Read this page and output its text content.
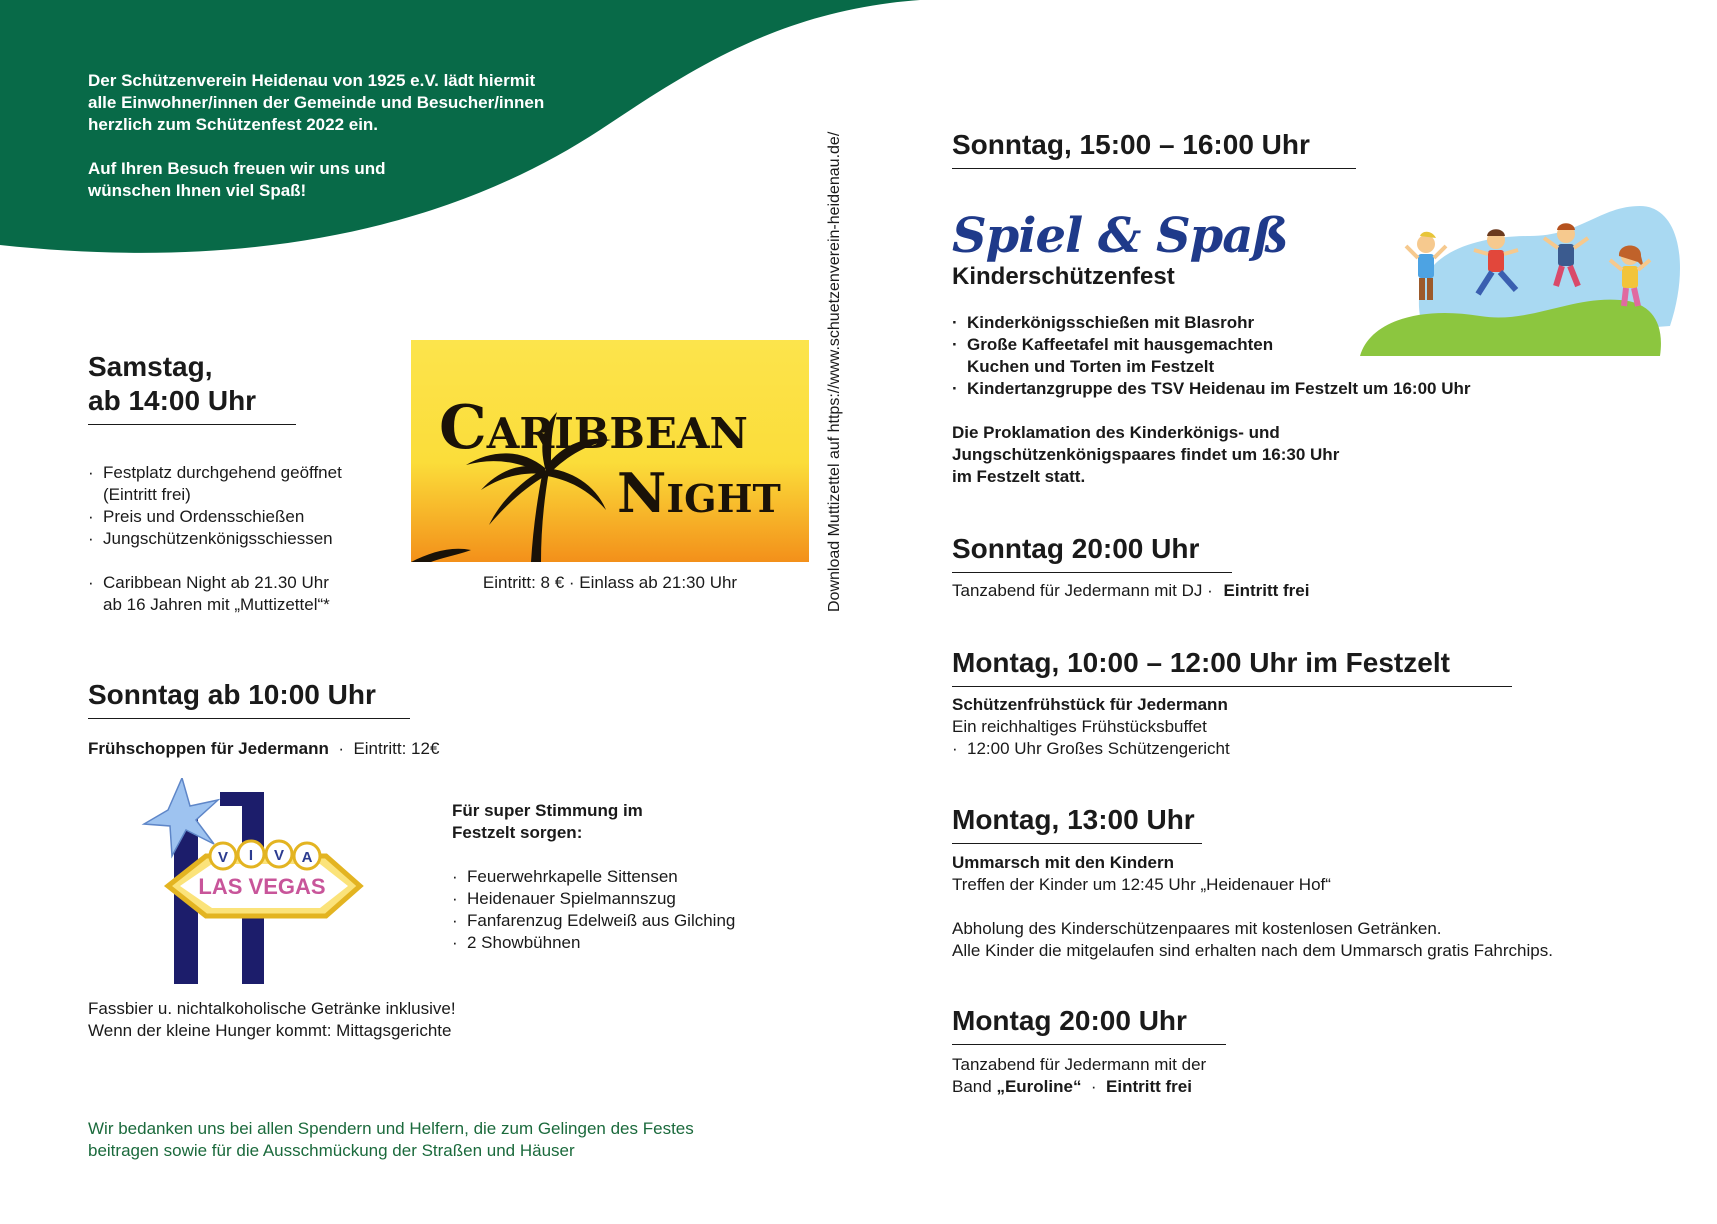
Der Schützenverein Heidenau von 1925 e.V. lädt hiermit
alle Einwohner/innen der Gemeinde und Besucher/innen
herzlich zum Schützenfest 2022 ein.

Auf Ihren Besuch freuen wir uns und
wünschen Ihnen viel Spaß!

Samstag,
ab 14:00 Uhr
· Festplatz durchgehend geöffnet
(Eintritt frei)
· Preis und Ordensschießen
· Jungschützenkönigsschiessen
· Caribbean Night ab 21.30 Uhr
ab 16 Jahren mit „Muttizettel“*
Caribbean
Night
Eintritt: 8 € · Einlass ab 21:30 Uhr	Download Muttizettel auf https://www.schuetzenverein-heidenau.de/
Sonntag ab 10:00 Uhr
Frühschoppen für Jedermann  ·  Eintritt: 12€
V I V A
LAS VEGAS
Für super Stimmung im
Festzelt sorgen:
· Feuerwehrkapelle Sittensen
· Heidenauer Spielmannszug
· Fanfarenzug Edelweiß aus Gilching
· 2 Showbühnen
Fassbier u. nichtalkoholische Getränke inklusive!
Wenn der kleine Hunger kommt: Mittagsgerichte
Wir bedanken uns bei allen Spendern und Helfern, die zum Gelingen des Festes
beitragen sowie für die Ausschmückung der Straßen und Häuser
Sonntag, 15:00 – 16:00 Uhr
Spiel & Spaß
Kinderschützenfest
· Kinderkönigsschießen mit Blasrohr
· Große Kaffeetafel mit hausgemachten
Kuchen und Torten im Festzelt
· Kindertanzgruppe des TSV Heidenau im Festzelt um 16:00 Uhr
Die Proklamation des Kinderkönigs- und
Jungschützenkönigspaares findet um 16:30 Uhr
im Festzelt statt.
Sonntag 20:00 Uhr
Tanzabend für Jedermann mit DJ · Eintritt frei
Montag, 10:00 – 12:00 Uhr im Festzelt
Schützenfrühstück für Jedermann
Ein reichhaltiges Frühstücksbuffet
· 12:00 Uhr Großes Schützengericht
Montag, 13:00 Uhr
Ummarsch mit den Kindern
Treffen der Kinder um 12:45 Uhr „Heidenauer Hof“
Abholung des Kinderschützenpaares mit kostenlosen Getränken.
Alle Kinder die mitgelaufen sind erhalten nach dem Ummarsch gratis Fahrchips.
Montag 20:00 Uhr
Tanzabend für Jedermann mit der
Band „Euroline“  ·  Eintritt frei
